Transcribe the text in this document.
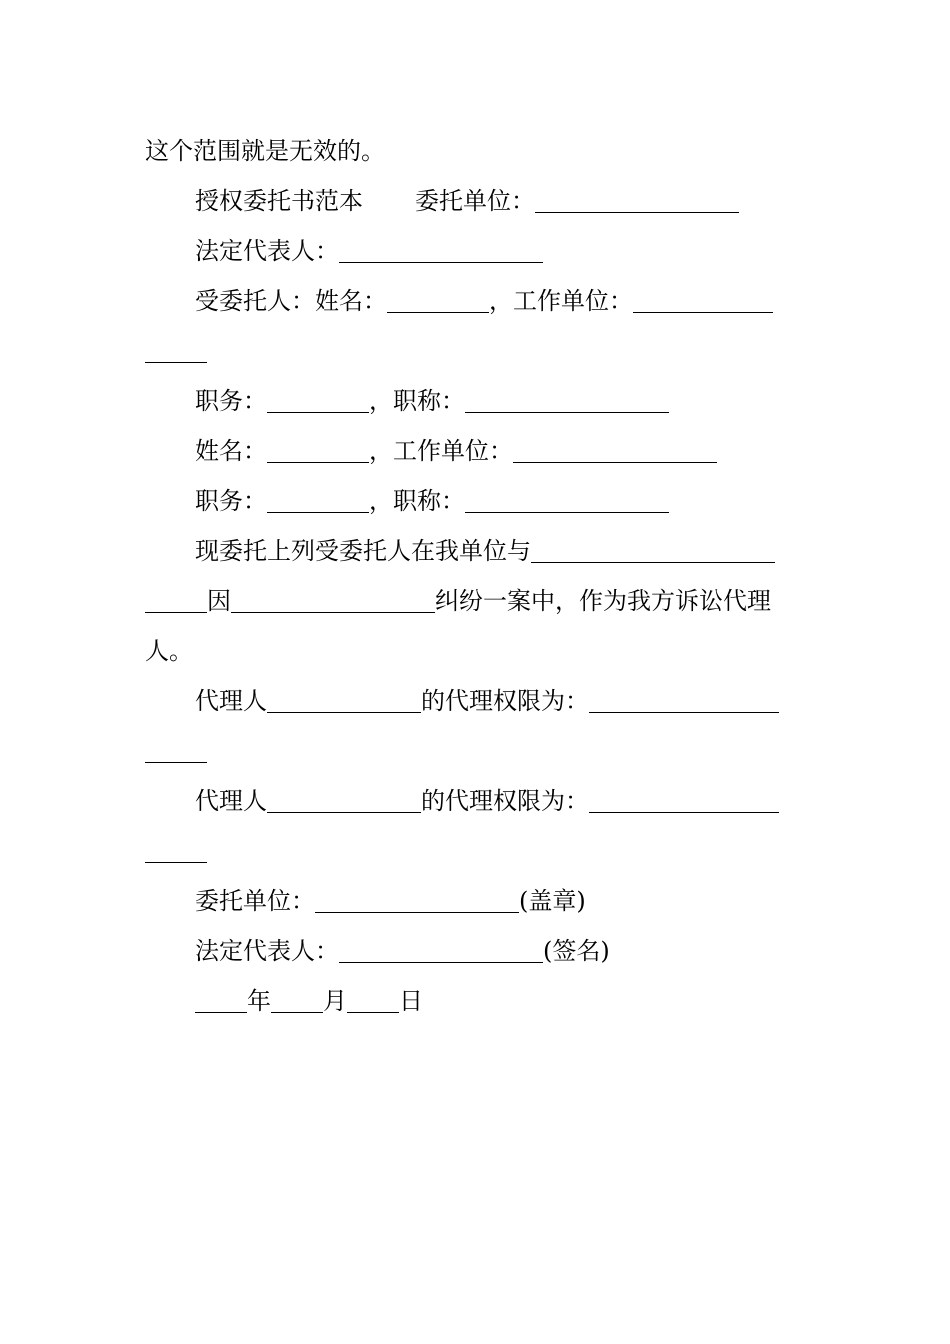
这个范围就是无效的。
授权委托书范本 委托单位：
法定代表人：
受委托人：姓名：	，工作单位：
职务：	，职称：
姓名：	，工作单位：
职务：	，职称：
现委托上列受委托人在我单位与
因	纠纷一案中，作为我方诉讼代理
人。
代理人	的代理权限为：
代理人	的代理权限为：
委托单位：	(盖章)
法定代表人：	(签名)
年 月 日
